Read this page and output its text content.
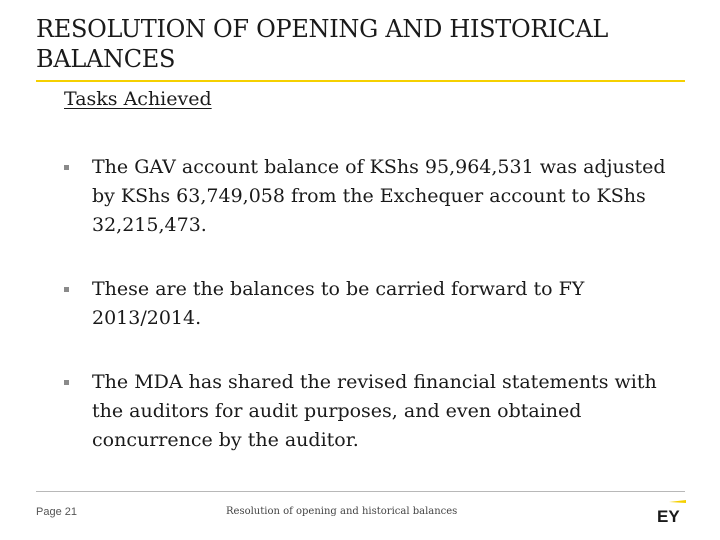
RESOLUTION OF OPENING AND HISTORICAL BALANCES
Tasks Achieved
The GAV account balance of KShs 95,964,531 was adjusted by KShs 63,749,058 from the Exchequer account to KShs 32,215,473.
These are the balances to be carried forward to FY 2013/2014.
The MDA has shared the revised financial statements with the auditors for audit purposes, and even obtained concurrence by the auditor.
Page 21	Resolution of opening and historical balances	EY
